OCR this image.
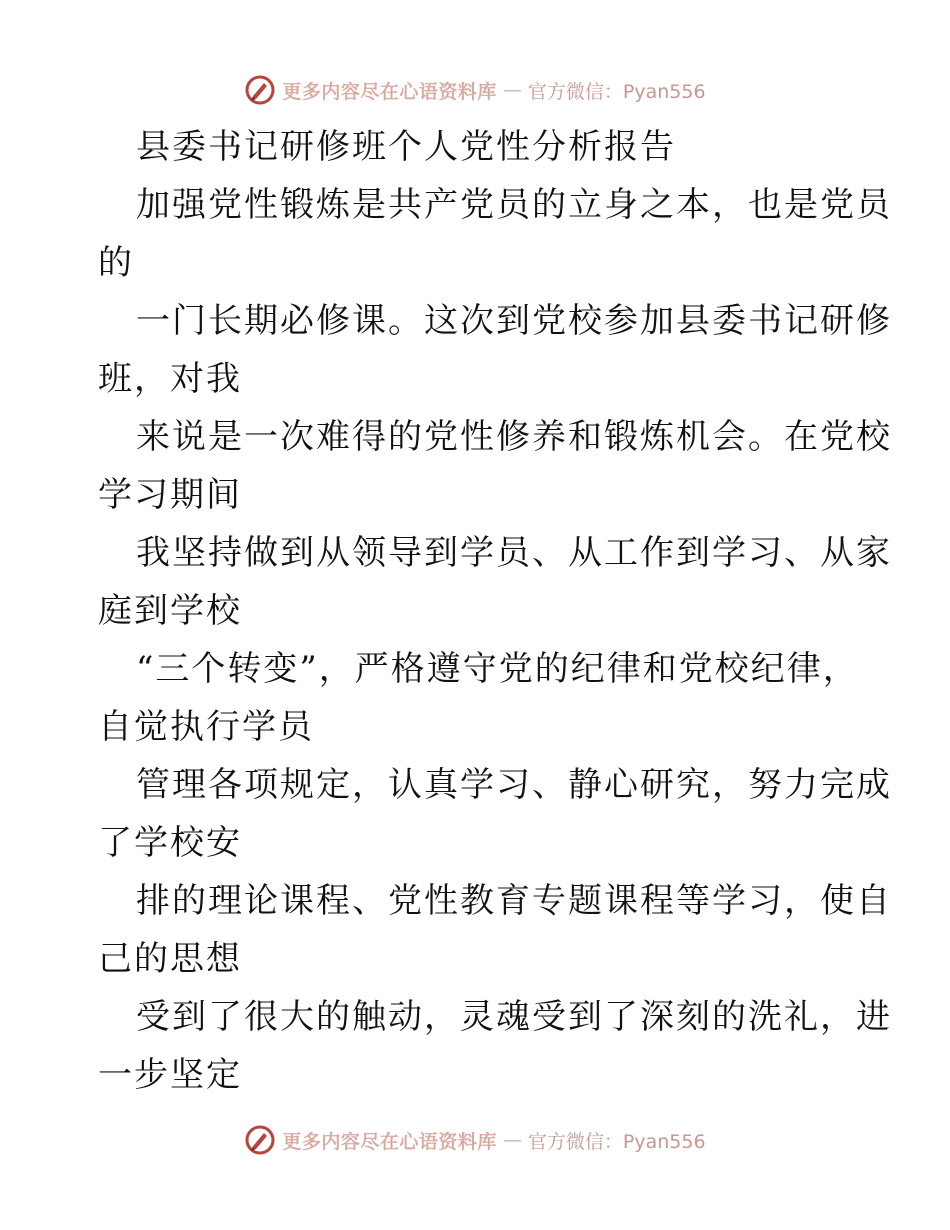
更多内容尽在心语资料库 — 官方微信：Pyan556
县委书记研修班个人党性分析报告
加强党性锻炼是共产党员的立身之本，也是党员
的
一门长期必修课。这次到党校参加县委书记研修
班，对我
来说是一次难得的党性修养和锻炼机会。在党校
学习期间
我坚持做到从领导到学员、从工作到学习、从家
庭到学校
“三个转变”，严格遵守党的纪律和党校纪律，
自觉执行学员
管理各项规定，认真学习、静心研究，努力完成
了学校安
排的理论课程、党性教育专题课程等学习，使自
己的思想
受到了很大的触动，灵魂受到了深刻的洗礼，进
一步坚定
更多内容尽在心语资料库 — 官方微信：Pyan556
